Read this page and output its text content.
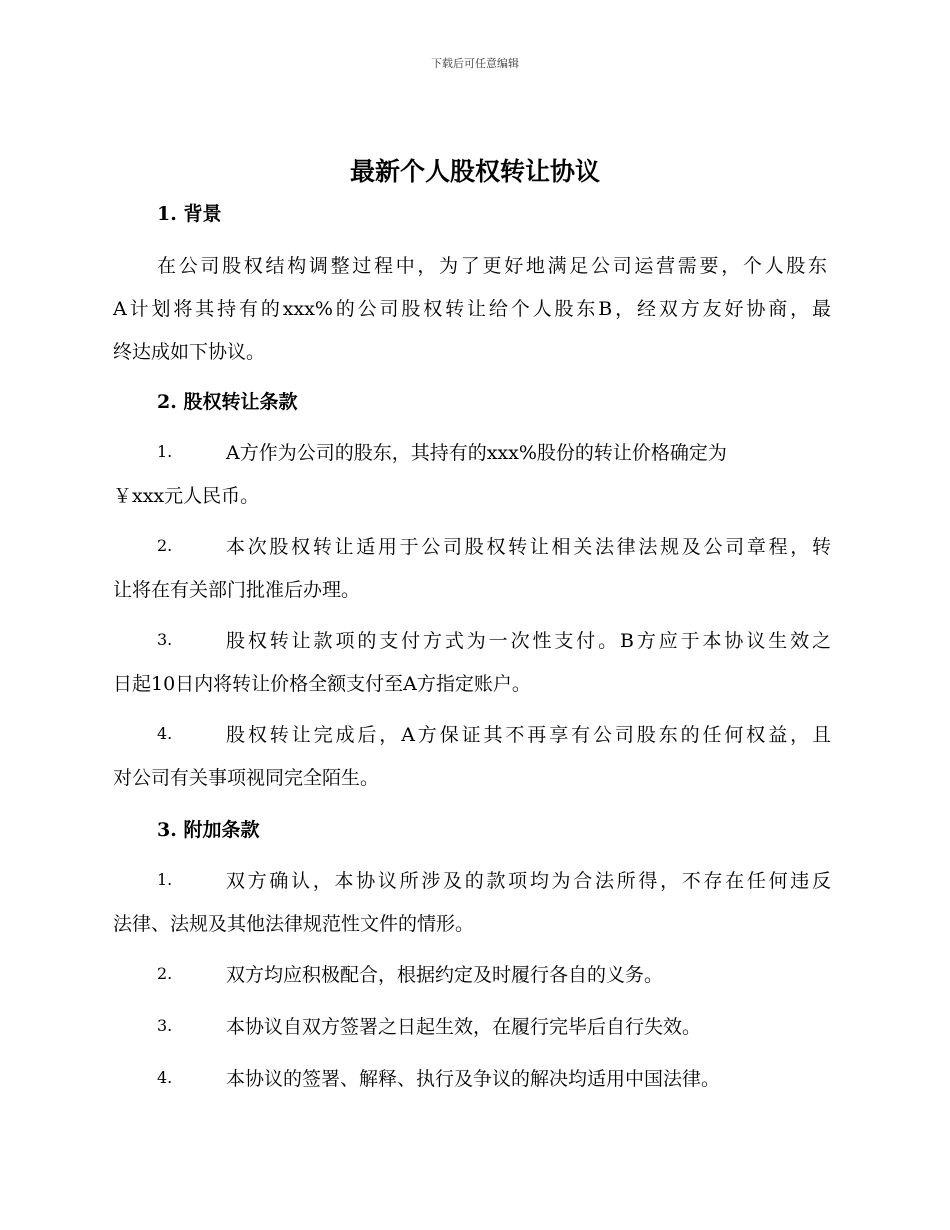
下载后可任意编辑
最新个人股权转让协议
1. 背景
在公司股权结构调整过程中，为了更好地满足公司运营需要，个人股东
A计划将其持有的xxx%的公司股权转让给个人股东B，经双方友好协商，最
终达成如下协议。
2. 股权转让条款
1.	A方作为公司的股东，其持有的xxx%股份的转让价格确定为
￥xxx元人民币。
2.	本次股权转让适用于公司股权转让相关法律法规及公司章程，转
让将在有关部门批准后办理。
3.	股权转让款项的支付方式为一次性支付。B方应于本协议生效之
日起10日内将转让价格全额支付至A方指定账户。
4.	股权转让完成后，A方保证其不再享有公司股东的任何权益，且
对公司有关事项视同完全陌生。
3. 附加条款
1.	双方确认，本协议所涉及的款项均为合法所得，不存在任何违反
法律、法规及其他法律规范性文件的情形。
2.	双方均应积极配合，根据约定及时履行各自的义务。
3.	本协议自双方签署之日起生效，在履行完毕后自行失效。
4.	本协议的签署、解释、执行及争议的解决均适用中国法律。
